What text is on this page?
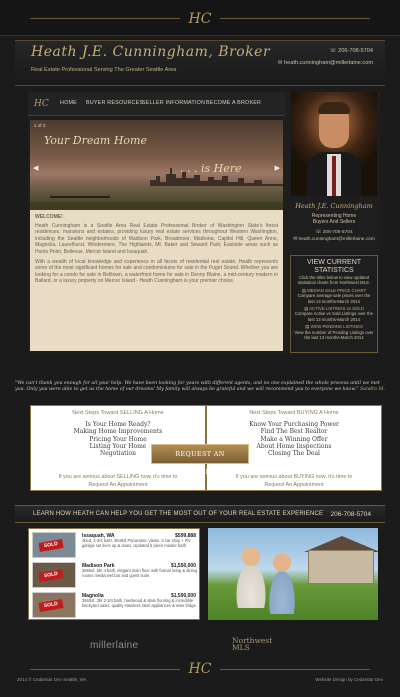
HC
Heath J.E. Cunningham, Broker
Real Estate Professional Serving The Greater Seattle Area
☏ 206-708-5704
✉ heath.cunningham@millerlaine.com
HC HOME BUYER RESOURCES
SELLER INFORMATION BECOME A BROKER
1 of 3
Your Dream Home
. . . is Here
◀	▶
WELCOME!

Heath Cunningham is a Seattle Area Real Estate Professional Broker of Washington State's finest residences, mansions and estates, providing luxury real estate services throughout Western Washington, including the Seattle neighborhoods of Madison Park, Broadmoor, Madrona, Capitol Hill, Queen Anne, Magnolia, Laurelhurst, Windermere, The Highlands, Mt. Baker and Seward Park; Eastside areas such as Hunts Point, Bellevue, Mercer Island and Issaquah.

With a wealth of local knowledge and experience in all facets of residential real estate, Heath represents some of the most significant homes for sale and condominiums for sale in the Puget Sound. Whether you are looking for a condo for sale in Belltown, a waterfront home for sale in Denny Blaine, a mid-century modern in Ballard, or a luxury property on Mercer Island - Heath Cunningham is your premier choice.

Heath J.E. Cunningham
Representing Home
Buyers And Sellers
☏ 206-708-5704
✉ heath.cunningham@millerlaine.com
VIEW CURRENT
STATISTICS
Click the titles below to view updated statistical charts from Northwest MLS.
▤ MEDIAN SALE PRICE CHART
Compare average sale prices over the last 13 months-March 2014
▤ ACTIVE LISTINGS vs SOLD
Compare Active vs Sold Listings over the last 13 months-March 2014
▤ VIEW PENDING LISTINGS
View the number of Pending Listings over the last 13 months-March 2014
"We can't thank you enough for all your help. We have been looking for yours with different agents, and no one explained the whole process until we met you. Only you were able to get us the home of our dreams! My family will always be grateful and we will recommend you to everyone we know." Sandra M.
Next Steps Toward SELLING A Home
Is Your Home Ready?
Making Home Improvements
Pricing Your Home
Listing Your Home
Negotiation
If you are serious about SELLING now, it's time to
Request An Appointment
Next Steps Toward BUYING A Home
Know Your Purchasing Power
Find The Best Realtor
Make a Winning Offer
About Home Inspections
Closing The Deal
If you are serious about BUYING now, it's time to
Request An Appointment
REQUEST AN APPOINTMENT
LEARN HOW HEATH CAN HELP YOU GET THE MOST OUT OF YOUR REAL ESTATE EXPERIENCE 206-708-5704
SOLD
Issaquah, WA	$599,888
4bed, 2-3/4 bath, 3640sf Panoramic Views. 6 car shop + RV garage set lives up & down. Updated 5 piece master bath.
SOLD
Madison Park	$1,550,000
3855sf, 5br 4 bath, elegant main floor with formal living & dining rooms media wet bar and guest suite.
SOLD
Magnolia	$1,590,000
3560sf, 3br 2-3/4 bath, hardwood & slate flooring & incredible backyard oasis, quality stainless steel appliances & wine fridge.
millerlaine	Northwest
MLS
HC
2014 © Cedarstar Dev Seattle, WA	Website Design by Cedarstar Dev
